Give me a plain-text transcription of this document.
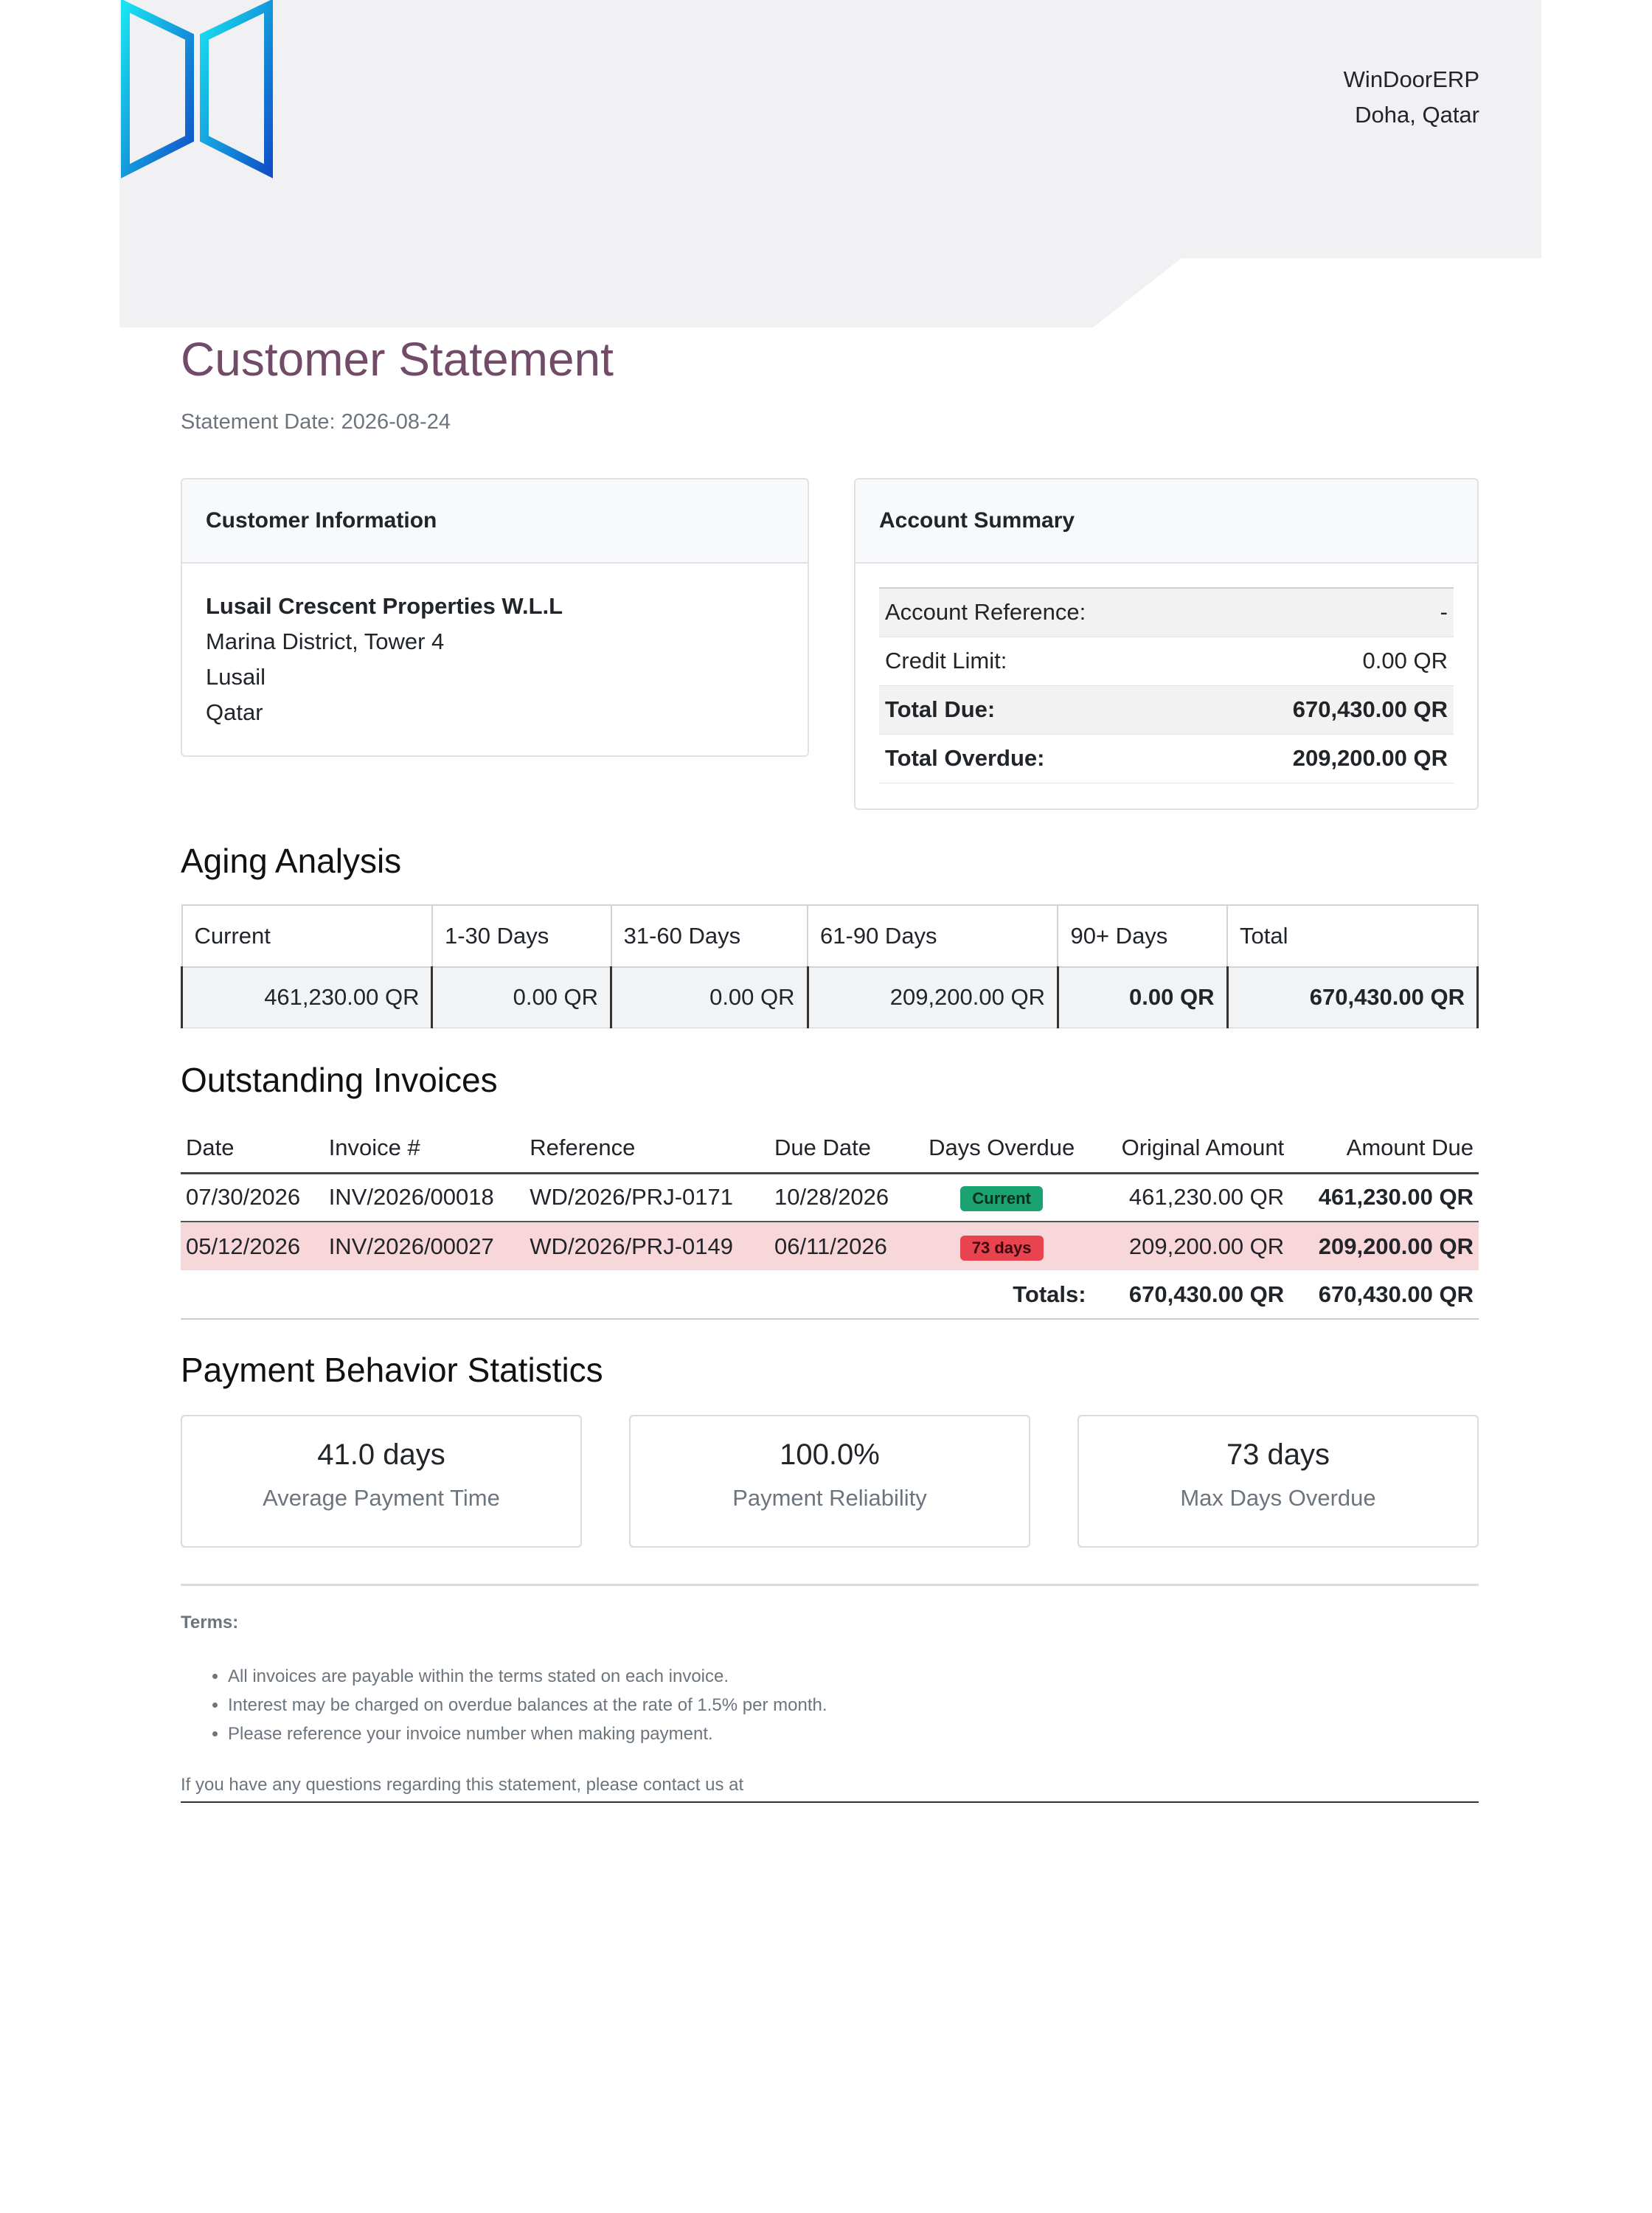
WinDoorERP
Doha, Qatar
Customer Statement
Statement Date: 2026-08-24
Customer Information
Lusail Crescent Properties W.L.L
Marina District, Tower 4
Lusail
Qatar
Account Summary
Account Reference:	-
Credit Limit:	0.00 QR
Total Due:	670,430.00 QR
Total Overdue:	209,200.00 QR
Aging Analysis
Current	1-30 Days	31-60 Days	61-90 Days	90+ Days	Total
461,230.00 QR	0.00 QR	0.00 QR	209,200.00 QR	0.00 QR	670,430.00 QR
Outstanding Invoices
Date	Invoice #	Reference	Due Date	Days Overdue	Original Amount	Amount Due
07/30/2026	INV/2026/00018	WD/2026/PRJ-0171	10/28/2026	Current	461,230.00 QR	461,230.00 QR
05/12/2026	INV/2026/00027	WD/2026/PRJ-0149	06/11/2026	73 days	209,200.00 QR	209,200.00 QR
Totals:					670,430.00 QR	670,430.00 QR
Payment Behavior Statistics
41.0 days
Average Payment Time
100.0%
Payment Reliability
73 days
Max Days Overdue
Terms:
• All invoices are payable within the terms stated on each invoice.
• Interest may be charged on overdue balances at the rate of 1.5% per month.
• Please reference your invoice number when making payment.
If you have any questions regarding this statement, please contact us at
